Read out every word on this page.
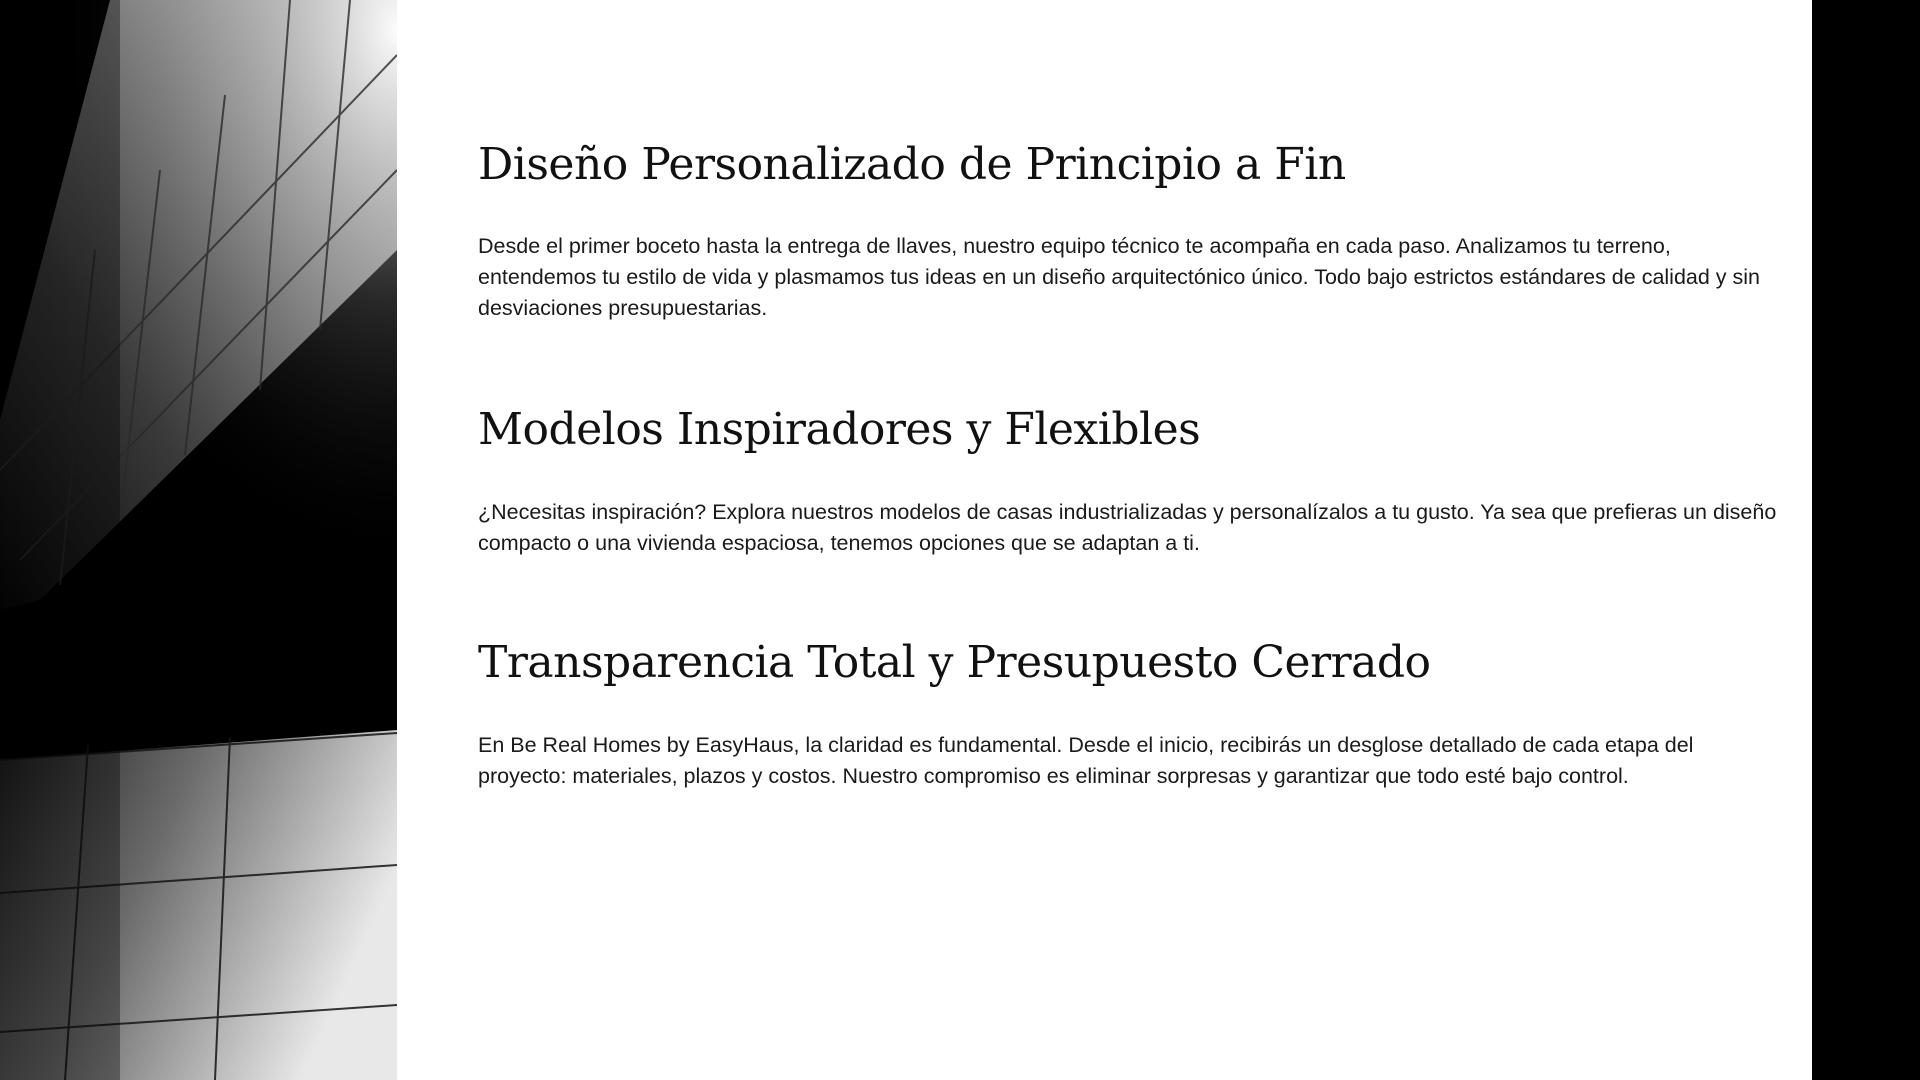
Diseño Personalizado de Principio a Fin

Desde el primer boceto hasta la entrega de llaves, nuestro equipo técnico te acompaña en cada paso. Analizamos tu terreno, entendemos tu estilo de vida y plasmamos tus ideas en un diseño arquitectónico único. Todo bajo estrictos estándares de calidad y sin desviaciones presupuestarias.

Modelos Inspiradores y Flexibles

¿Necesitas inspiración? Explora nuestros modelos de casas industrializadas y personalízalos a tu gusto. Ya sea que prefieras un diseño compacto o una vivienda espaciosa, tenemos opciones que se adaptan a ti.

Transparencia Total y Presupuesto Cerrado

En Be Real Homes by EasyHaus, la claridad es fundamental. Desde el inicio, recibirás un desglose detallado de cada etapa del proyecto: materiales, plazos y costos. Nuestro compromiso es eliminar sorpresas y garantizar que todo esté bajo control.
